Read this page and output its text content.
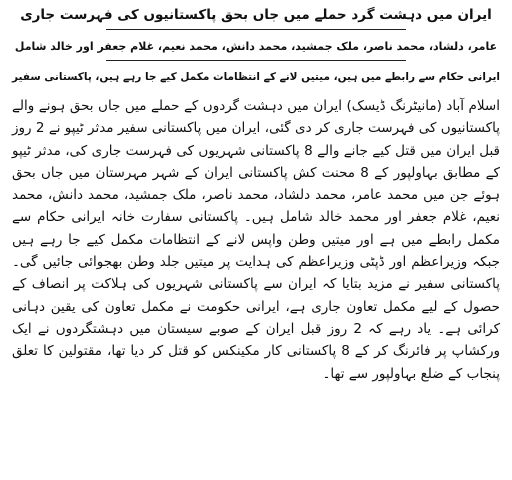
ایران میں دہشت گرد حملے میں جاں بحق پاکستانیوں کی فہرست جاری
عامر، دلشاد، محمد ناصر، ملک جمشید، محمد دانش، محمد نعیم، غلام جعفر اور خالد شامل
ایرانی حکام سے رابطے میں ہیں، میتیں لانے کے انتظامات مکمل کیے جا رہے ہیں، پاکستانی سفیر

اسلام آباد (مانیٹرنگ ڈیسک) ایران میں دہشت گردوں کے حملے میں جاں بحق ہونے والے پاکستانیوں کی فہرست جاری کر دی گئی، ایران میں پاکستانی سفیر مدثر ٹیپو نے 2 روز قبل ایران میں قتل کیے جانے والے 8 پاکستانی شہریوں کی فہرست جاری کی، مدثر ٹیپو کے مطابق بہاولپور کے 8 محنت کش پاکستانی ایران کے شہر مہرستان میں جاں بحق ہوئے جن میں محمد عامر، محمد دلشاد، محمد ناصر، ملک جمشید، محمد دانش، محمد نعیم، غلام جعفر اور محمد خالد شامل ہیں۔ پاکستانی سفارت خانہ ایرانی حکام سے مکمل رابطے میں ہے اور میتیں وطن واپس لانے کے انتظامات مکمل کیے جا رہے ہیں جبکہ وزیراعظم اور ڈپٹی وزیراعظم کی ہدایت پر میتیں جلد وطن بھجوائی جائیں گی۔ پاکستانی سفیر نے مزید بتایا کہ ایران سے پاکستانی شہریوں کی ہلاکت پر انصاف کے حصول کے لیے مکمل تعاون جاری ہے، ایرانی حکومت نے مکمل تعاون کی یقین دہانی کرائی ہے۔ یاد رہے کہ 2 روز قبل ایران کے صوبے سیستان میں دہشتگردوں نے ایک ورکشاپ پر فائرنگ کر کے 8 پاکستانی کار مکینکس کو قتل کر دیا تھا، مقتولین کا تعلق پنجاب کے ضلع بہاولپور سے تھا۔
